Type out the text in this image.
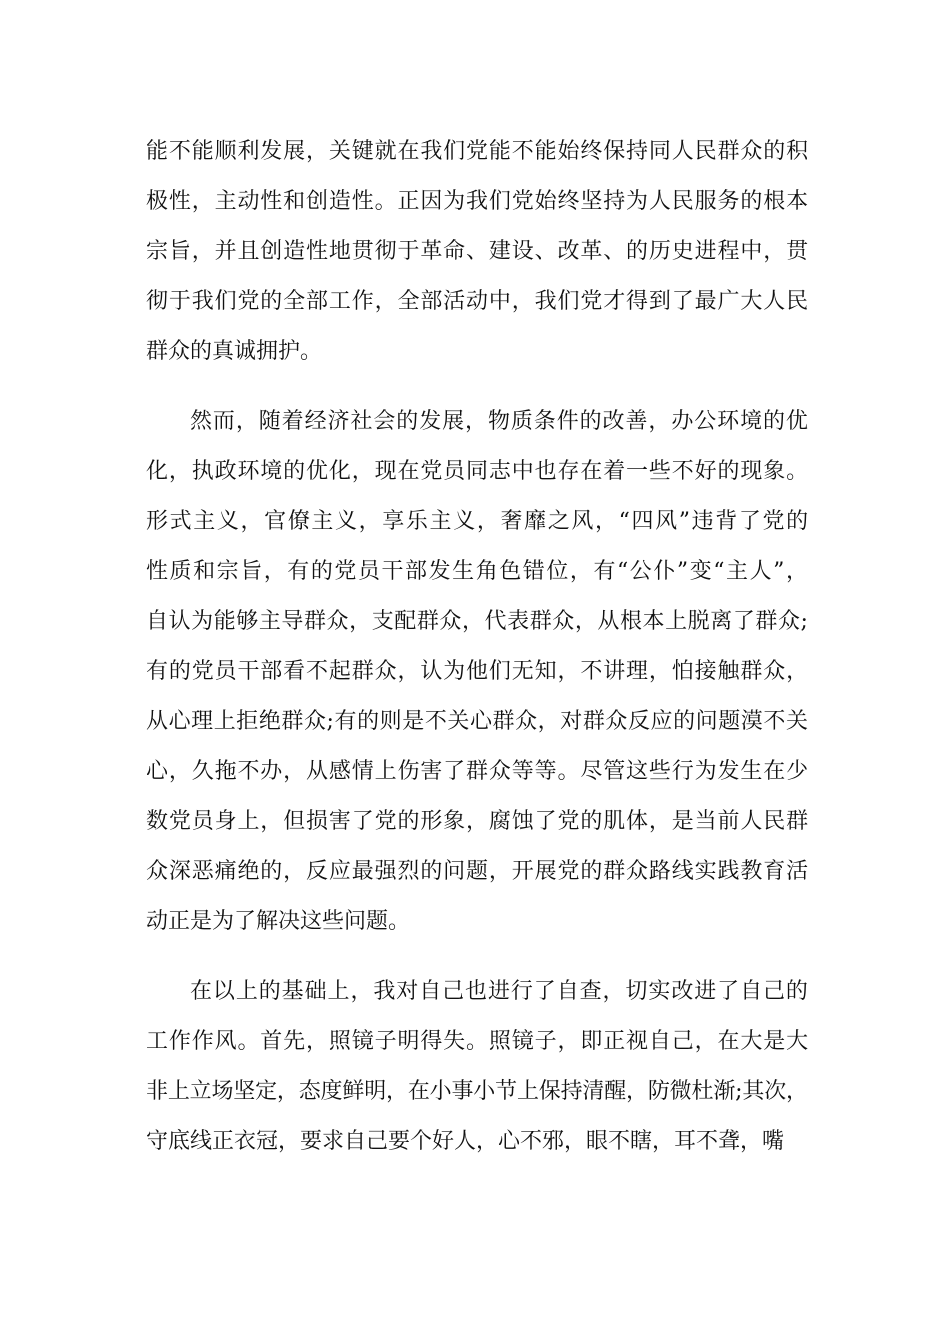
能不能顺利发展，关键就在我们党能不能始终保持同人民群众的积
极性，主动性和创造性。正因为我们党始终坚持为人民服务的根本
宗旨，并且创造性地贯彻于革命、建设、改革、的历史进程中，贯
彻于我们党的全部工作，全部活动中，我们党才得到了最广大人民
群众的真诚拥护。
然而，随着经济社会的发展，物质条件的改善，办公环境的优
化，执政环境的优化，现在党员同志中也存在着一些不好的现象。
形式主义，官僚主义，享乐主义，奢靡之风，“四风”违背了党的
性质和宗旨，有的党员干部发生角色错位，有“公仆”变“主人”，
自认为能够主导群众，支配群众，代表群众，从根本上脱离了群众;
有的党员干部看不起群众，认为他们无知，不讲理，怕接触群众，
从心理上拒绝群众;有的则是不关心群众，对群众反应的问题漠不关
心，久拖不办，从感情上伤害了群众等等。尽管这些行为发生在少
数党员身上，但损害了党的形象，腐蚀了党的肌体，是当前人民群
众深恶痛绝的，反应最强烈的问题，开展党的群众路线实践教育活
动正是为了解决这些问题。
在以上的基础上，我对自己也进行了自查，切实改进了自己的
工作作风。首先，照镜子明得失。照镜子，即正视自己，在大是大
非上立场坚定，态度鲜明，在小事小节上保持清醒，防微杜渐;其次，
守底线正衣冠，要求自己要个好人，心不邪，眼不瞎，耳不聋，嘴
